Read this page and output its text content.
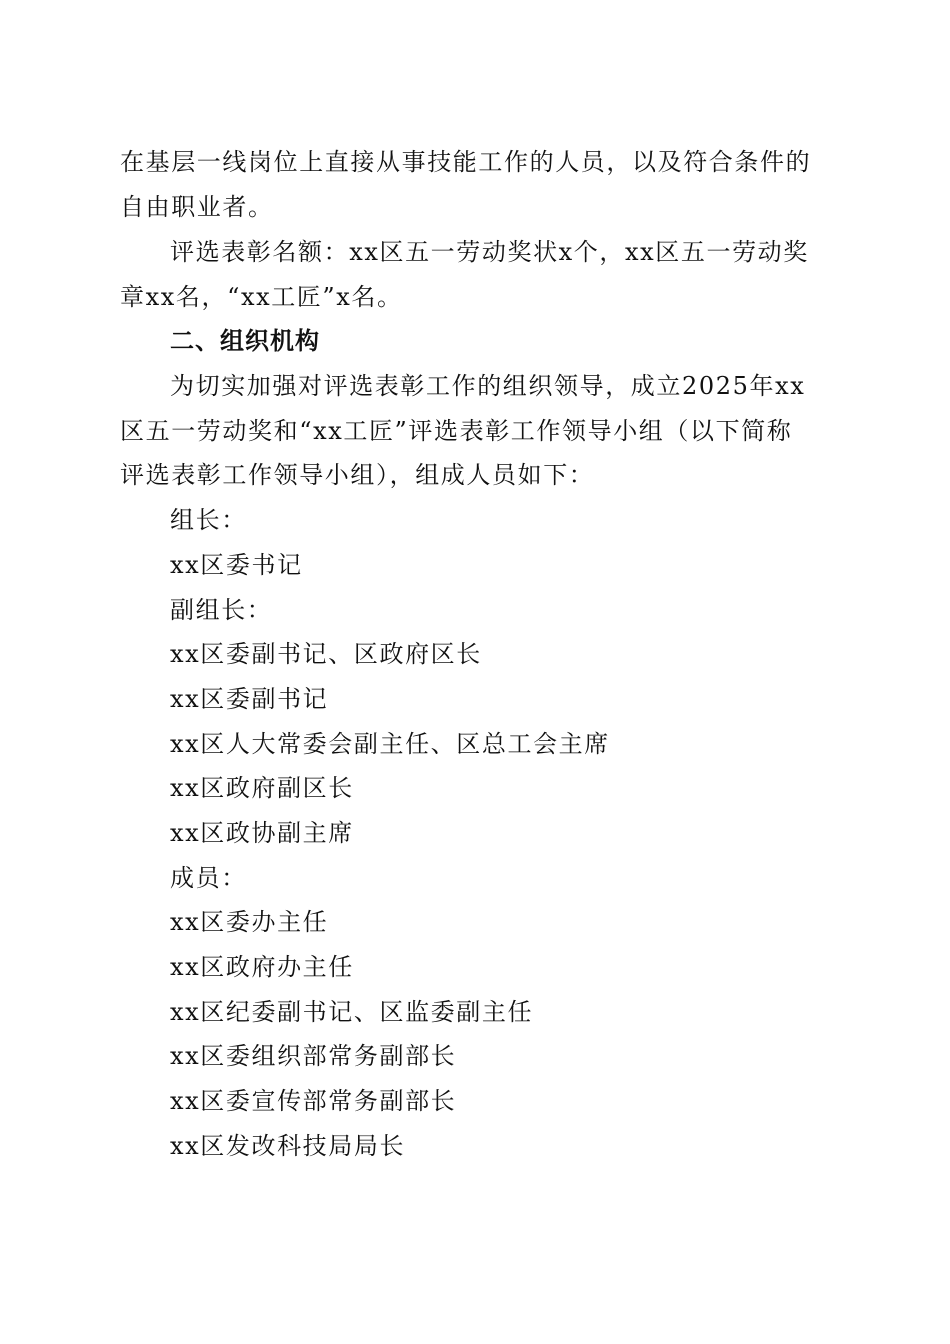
在基层一线岗位上直接从事技能工作的人员，以及符合条件的
自由职业者。
评选表彰名额：xx区五一劳动奖状x个，xx区五一劳动奖
章xx名，“xx工匠”x名。
二、组织机构
为切实加强对评选表彰工作的组织领导，成立2025年xx
区五一劳动奖和“xx工匠”评选表彰工作领导小组（以下简称
评选表彰工作领导小组），组成人员如下：
组长：
xx区委书记
副组长：
xx区委副书记、区政府区长
xx区委副书记
xx区人大常委会副主任、区总工会主席
xx区政府副区长
xx区政协副主席
成员：
xx区委办主任
xx区政府办主任
xx区纪委副书记、区监委副主任
xx区委组织部常务副部长
xx区委宣传部常务副部长
xx区发改科技局局长
